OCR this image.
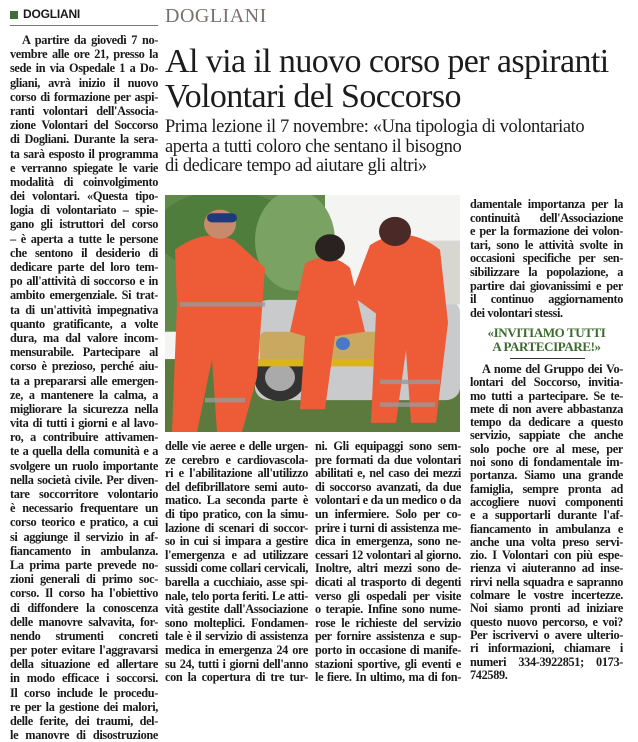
DOGLIANI	DOGLIANI
Al via il nuovo corso per aspiranti
Volontari del Soccorso
Prima lezione il 7 novembre: «Una tipologia di volontariato
aperta a tutti coloro che sentano il bisogno
di dedicare tempo ad aiutare gli altri»
A partire da giovedì 7 no-
vembre alle ore 21, presso la
sede in via Ospedale 1 a Do-
gliani, avrà inizio il nuovo
corso di formazione per aspi-
ranti volontari dell'Associa-
zione Volontari del Soccorso
di Dogliani. Durante la sera-
ta sarà esposto il programma
e verranno spiegate le varie
modalità di coinvolgimento
dei volontari. «Questa tipo-
logia di volontariato – spie-
gano gli istruttori del corso
– è aperta a tutte le persone
che sentono il desiderio di
dedicare parte del loro tem-
po all'attività di soccorso e in
ambito emergenziale. Si trat-
ta di un'attività impegnativa
quanto gratificante, a volte
dura, ma dal valore incom-
mensurabile. Partecipare al
corso è prezioso, perché aiu-
ta a prepararsi alle emergen-
ze, a mantenere la calma, a
migliorare la sicurezza nella
vita di tutti i giorni e al lavo-
ro, a contribuire attivamen-
te a quella della comunità e a
svolgere un ruolo importante
nella società civile. Per diven-
tare soccorritore volontario
è necessario frequentare un
corso teorico e pratico, a cui
si aggiunge il servizio in af-
fiancamento in ambulanza.
La prima parte prevede no-
zioni generali di primo soc-
corso. Il corso ha l'obiettivo
di diffondere la conoscenza
delle manovre salvavita, for-
nendo strumenti concreti
per poter evitare l'aggravarsi
della situazione ed allertare
in modo efficace i soccorsi.
Il corso include le procedu-
re per la gestione dei malori,
delle ferite, dei traumi, del-
le manovre di disostruzione
delle vie aeree e delle urgen-
ze cerebro e cardiovascola-
ri e l'abilitazione all'utilizzo
del defibrillatore semi auto-
matico. La seconda parte è
di tipo pratico, con la simu-
lazione di scenari di soccor-
so in cui si impara a gestire
l'emergenza e ad utilizzare
sussidi come collari cervicali,
barella a cucchiaio, asse spi-
nale, telo porta feriti. Le atti-
vità gestite dall'Associazione
sono molteplici. Fondamen-
tale è il servizio di assistenza
medica in emergenza 24 ore
su 24, tutti i giorni dell'anno
con la copertura di tre tur-
ni. Gli equipaggi sono sem-
pre formati da due volontari
abilitati e, nel caso dei mezzi
di soccorso avanzati, da due
volontari e da un medico o da
un infermiere. Solo per co-
prire i turni di assistenza me-
dica in emergenza, sono ne-
cessari 12 volontari al giorno.
Inoltre, altri mezzi sono de-
dicati al trasporto di degenti
verso gli ospedali per visite
o terapie. Infine sono nume-
rose le richieste del servizio
per fornire assistenza e sup-
porto in occasione di manife-
stazioni sportive, gli eventi e
le fiere. In ultimo, ma di fon-
damentale importanza per la
continuità dell'Associazione
e per la formazione dei volon-
tari, sono le attività svolte in
occasioni specifiche per sen-
sibilizzare la popolazione, a
partire dai giovanissimi e per
il continuo aggiornamento
dei volontari stessi.
«INVITIAMO TUTTI
A PARTECIPARE!»
A nome del Gruppo dei Vo-
lontari del Soccorso, invitia-
mo tutti a partecipare. Se te-
mete di non avere abbastanza
tempo da dedicare a questo
servizio, sappiate che anche
solo poche ore al mese, per
noi sono di fondamentale im-
portanza. Siamo una grande
famiglia, sempre pronta ad
accogliere nuovi componenti
e a supportarli durante l'af-
fiancamento in ambulanza e
anche una volta preso servi-
zio. I Volontari con più espe-
rienza vi aiuteranno ad inse-
rirvi nella squadra e sapranno
colmare le vostre incertezze.
Noi siamo pronti ad iniziare
questo nuovo percorso, e voi?
Per iscrivervi o avere ulterio-
ri informazioni, chiamare i
numeri 334-3922851; 0173-
742589.
